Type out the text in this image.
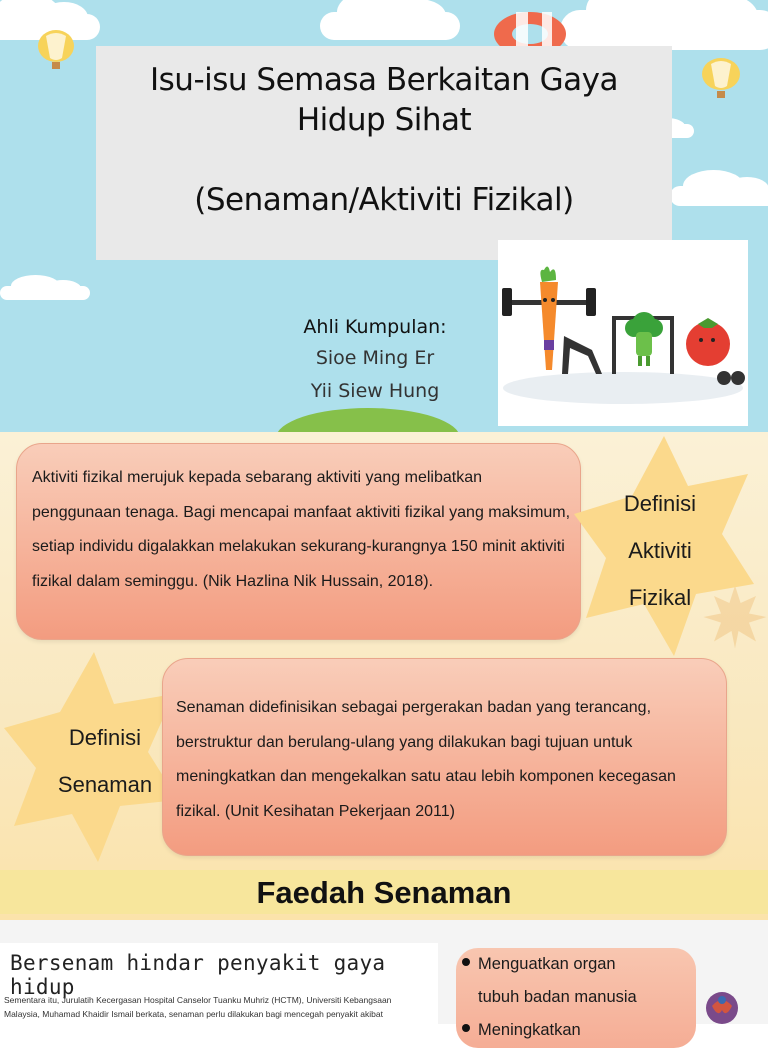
Isu-isu Semasa Berkaitan Gaya

Hidup Sihat

(Senaman/Aktiviti Fizikal)

Ahli Kumpulan:
Sioe Ming Er
Yii Siew Hung

Aktiviti fizikal merujuk kepada sebarang aktiviti yang melibatkan penggunaan tenaga. Bagi mencapai manfaat aktiviti fizikal yang maksimum, setiap individu digalakkan melakukan sekurang-kurangnya 150 minit aktiviti fizikal dalam seminggu. (Nik Hazlina Nik Hussain, 2018).

Definisi
Aktiviti
Fizikal

Senaman didefinisikan sebagai pergerakan badan yang terancang, berstruktur dan berulang-ulang yang dilakukan bagi tujuan untuk meningkatkan dan mengekalkan satu atau lebih komponen kecegasan fizikal. (Unit Kesihatan Pekerjaan 2011)

Definisi
Senaman
Faedah Senaman
Bersenam hindar penyakit gaya hidup
Sementara itu, Jurulatih Kecergasan Hospital Canselor Tuanku Muhriz (HCTM), Universiti Kebangsaan
Malaysia, Muhamad Khaidir Ismail berkata, senaman perlu dilakukan bagi mencegah penyakit akibat
Menguatkan organ
tubuh badan manusia
Meningkatkan
